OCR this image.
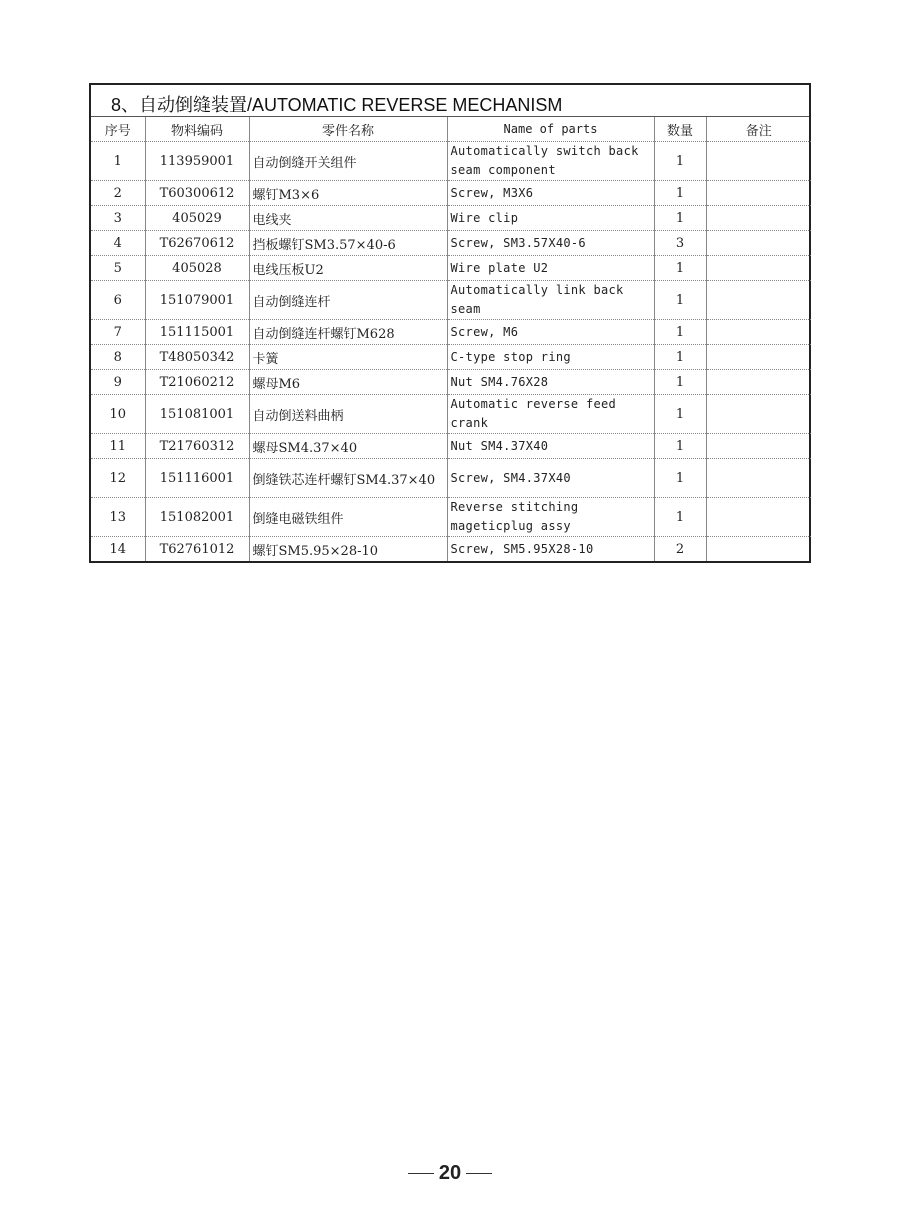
8、自动倒缝装置/AUTOMATIC REVERSE MECHANISM
序号	物料编码	零件名称	Name of parts	数量	备注
1	113959001	自动倒缝开关组件	Automatically switch back seam component	1	
2	T60300612	螺钉M3×6	Screw, M3X6	1	
3	405029	电线夹	Wire clip	1	
4	T62670612	挡板螺钉SM3.57×40-6	Screw, SM3.57X40-6	3	
5	405028	电线压板U2	Wire plate U2	1	
6	151079001	自动倒缝连杆	Automatically link back seam	1	
7	151115001	自动倒缝连杆螺钉M628	Screw, M6	1	
8	T48050342	卡簧	C-type stop ring	1	
9	T21060212	螺母M6	Nut SM4.76X28	1	
10	151081001	自动倒送料曲柄	Automatic reverse feed crank	1	
11	T21760312	螺母SM4.37×40	Nut SM4.37X40	1	
12	151116001	倒缝铁芯连杆螺钉SM4.37×40	Screw, SM4.37X40	1	
13	151082001	倒缝电磁铁组件	Reverse stitching mageticplug assy	1	
14	T62761012	螺钉SM5.95×28-10	Screw, SM5.95X28-10	2	
20
